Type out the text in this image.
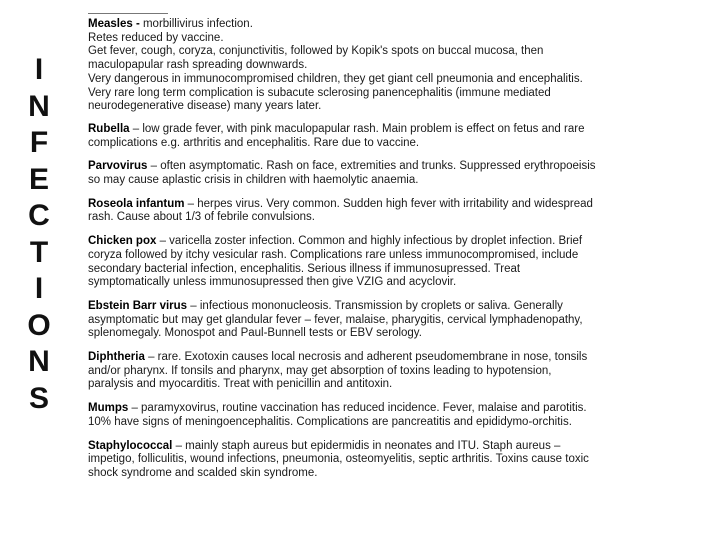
I
N
F
E
C
T
I
O
N
S
Measles - morbillivirus infection.
Retes reduced by vaccine.
Get fever, cough, coryza, conjunctivitis, followed by Kopik's spots on buccal mucosa, then
maculopapular rash spreading downwards.
Very dangerous in immunocompromised children, they get giant cell pneumonia and encephalitis.
Very rare long term complication is subacute sclerosing panencephalitis (immune mediated
neurodegenerative disease) many years later.
Rubella – low grade fever, with pink maculopapular rash. Main problem is effect on fetus and rare
complications e.g. arthritis and encephalitis. Rare due to vaccine.
Parvovirus – often asymptomatic. Rash on face, extremities and trunks. Suppressed erythropoeisis
so may cause aplastic crisis in children with haemolytic anaemia.
Roseola infantum – herpes virus. Very common. Sudden high fever with irritability and widespread
rash. Cause about 1/3 of febrile convulsions.
Chicken pox – varicella zoster infection. Common and highly infectious by droplet infection. Brief
coryza followed by itchy vesicular rash. Complications rare unless immunocompromised, include
secondary bacterial infection, encephalitis. Serious illness if immunosupressed. Treat
symptomatically unless immunosupressed then give VZIG and acyclovir.
Ebstein Barr virus – infectious mononucleosis. Transmission by croplets or saliva. Generally
asymptomatic but may get glandular fever – fever, malaise, pharygitis, cervical lymphadenopathy,
splenomegaly. Monospot and Paul-Bunnell tests or EBV serology.
Diphtheria – rare. Exotoxin causes local necrosis and adherent pseudomembrane in nose, tonsils
and/or pharynx. If tonsils and pharynx, may get absorption of toxins leading to hypotension,
paralysis and myocarditis. Treat with penicillin and antitoxin.
Mumps – paramyxovirus, routine vaccination has reduced incidence. Fever, malaise and parotitis.
10% have signs of meningoencephalitis. Complications are pancreatitis and epididymo-orchitis.
Staphylococcal – mainly staph aureus but epidermidis in neonates and ITU. Staph aureus –
impetigo, folliculitis, wound infections, pneumonia, osteomyelitis, septic arthritis. Toxins cause toxic
shock syndrome and scalded skin syndrome.
